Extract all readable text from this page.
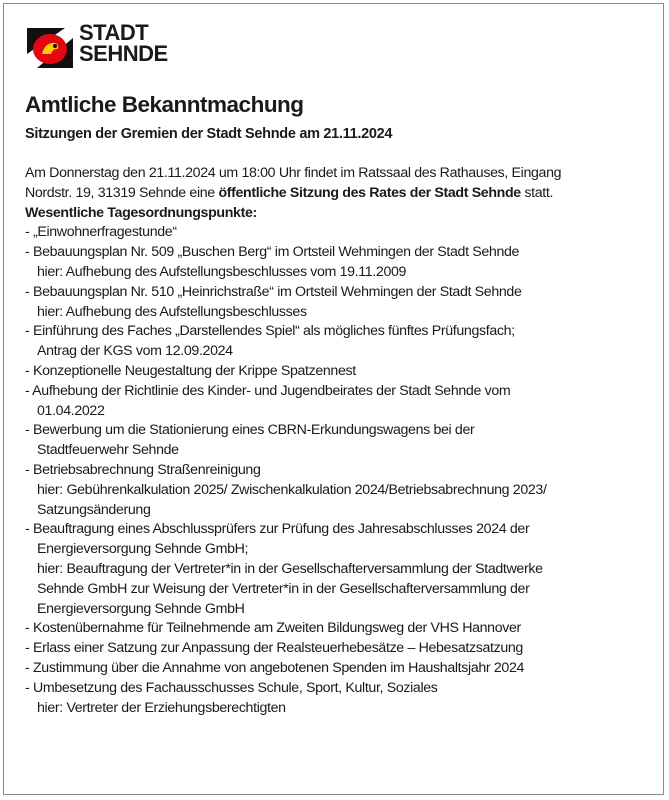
STADT
SEHNDE
Amtliche Bekanntmachung
Sitzungen der Gremien der Stadt Sehnde am 21.11.2024

Am Donnerstag den 21.11.2024 um 18:00 Uhr findet im Ratssaal des Rathauses, Eingang

Nordstr. 19, 31319 Sehnde eine öffentliche Sitzung des Rates der Stadt Sehnde statt.

Wesentliche Tagesordnungspunkte:

- „Einwohnerfragestunde“
- Bebauungsplan Nr. 509 „Buschen Berg“ im Ortsteil Wehmingen der Stadt Sehnde
hier: Aufhebung des Aufstellungsbeschlusses vom 19.11.2009
- Bebauungsplan Nr. 510 „Heinrichstraße“ im Ortsteil Wehmingen der Stadt Sehnde
hier: Aufhebung des Aufstellungsbeschlusses
- Einführung des Faches „Darstellendes Spiel“ als mögliches fünftes Prüfungsfach;
Antrag der KGS vom 12.09.2024
- Konzeptionelle Neugestaltung der Krippe Spatzennest
- Aufhebung der Richtlinie des Kinder- und Jugendbeirates der Stadt Sehnde vom
01.04.2022
- Bewerbung um die Stationierung eines CBRN-Erkundungswagens bei der
Stadtfeuerwehr Sehnde
- Betriebsabrechnung Straßenreinigung
hier: Gebührenkalkulation 2025/ Zwischenkalkulation 2024/Betriebsabrechnung 2023/
Satzungsänderung
- Beauftragung eines Abschlussprüfers zur Prüfung des Jahresabschlusses 2024 der
Energieversorgung Sehnde GmbH;
hier: Beauftragung der Vertreter*in in der Gesellschafterversammlung der Stadtwerke
Sehnde GmbH zur Weisung der Vertreter*in in der Gesellschafterversammlung der
Energieversorgung Sehnde GmbH
- Kostenübernahme für Teilnehmende am Zweiten Bildungsweg der VHS Hannover
- Erlass einer Satzung zur Anpassung der Realsteuerhebesätze – Hebesatzsatzung
- Zustimmung über die Annahme von angebotenen Spenden im Haushaltsjahr 2024
- Umbesetzung des Fachausschusses Schule, Sport, Kultur, Soziales
hier: Vertreter der Erziehungsberechtigten
